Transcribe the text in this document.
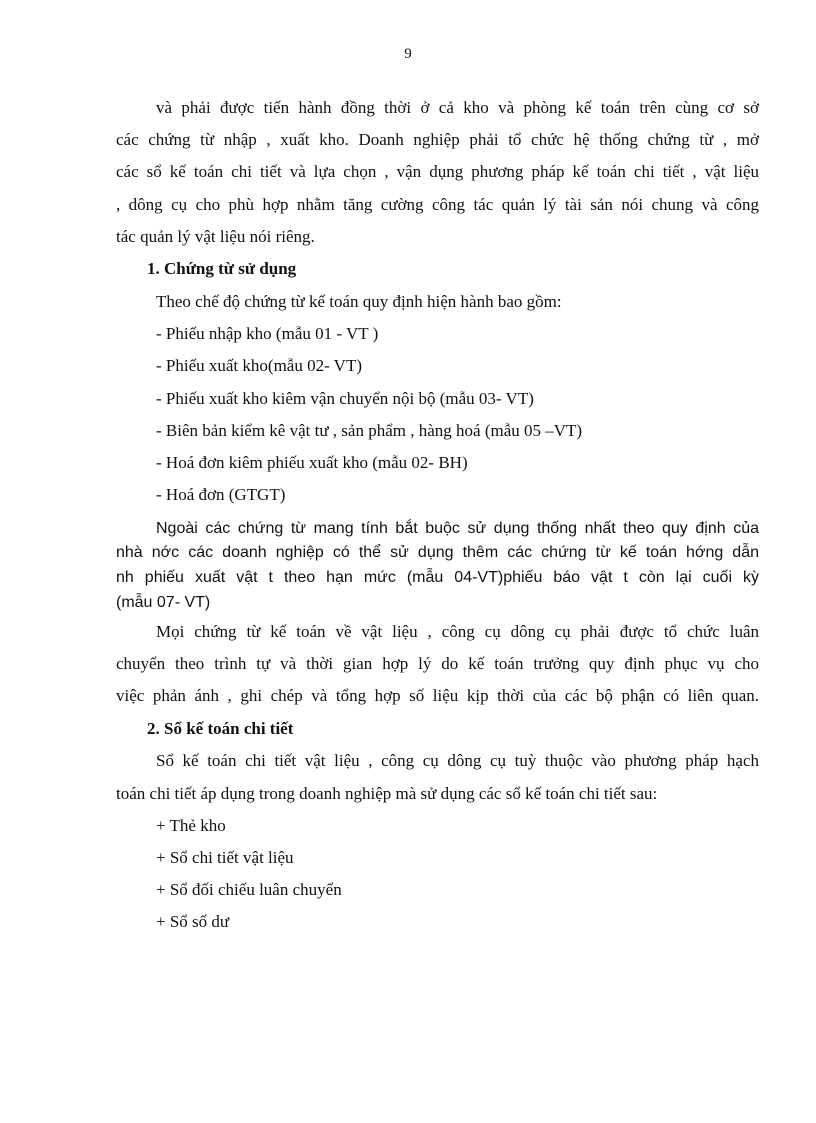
9
và phải được tiến hành đồng thời ở cả kho và phòng kế toán trên cùng cơ sở
các chứng từ nhập , xuất kho. Doanh nghiệp phải tổ chức hệ thống chứng từ , mở
các sổ kế toán chi tiết và lựa chọn , vận dụng phương pháp kế toán chi tiết , vật liệu
, dông cụ cho phù hợp nhằm tăng cường công tác quản lý tài sản nói chung và công
tác quản lý vật liệu nói riêng.
1. Chứng từ sử dụng
Theo chế độ chứng từ kế toán quy định hiện hành bao gồm:
- Phiếu nhập kho (mẫu 01 - VT )
- Phiếu xuất kho(mẫu 02- VT)
- Phiếu xuất kho kiêm vận chuyển nội bộ (mẫu 03- VT)
- Biên bản kiểm kê vật tư , sản phẩm , hàng hoá (mẫu 05 –VT)
- Hoá đơn kiêm phiếu xuất kho (mẫu 02- BH)
- Hoá đơn (GTGT)
Ngoài các chứng từ mang tính bắt buộc sử dụng thống nhất theo quy định của
nhà nớc các doanh nghiệp có thể sử dụng thêm các chứng từ kế toán hớng dẫn
nh phiếu xuất vật t theo hạn mức (mẫu 04-VT)phiếu báo vật t còn lại cuối kỳ
(mẫu 07- VT)
Mọi chứng từ kế toán về vật liệu , công cụ dông cụ phải được tổ chức luân
chuyển theo trình tự và thời gian hợp lý do kế toán trưởng quy định phục vụ cho
việc phản ánh , ghi chép và tổng hợp số liệu kịp thời của các bộ phận có liên quan.
2. Sổ kế toán chi tiết
Sổ kế toán chi tiết vật liệu , công cụ dông cụ tuỳ thuộc vào phương pháp hạch
toán chi tiết áp dụng trong doanh nghiệp mà sử dụng các sổ kế toán chi tiết sau:
+ Thẻ kho
+ Sổ chi tiết vật liệu
+ Sổ đối chiếu luân chuyển
+ Sổ số dư
